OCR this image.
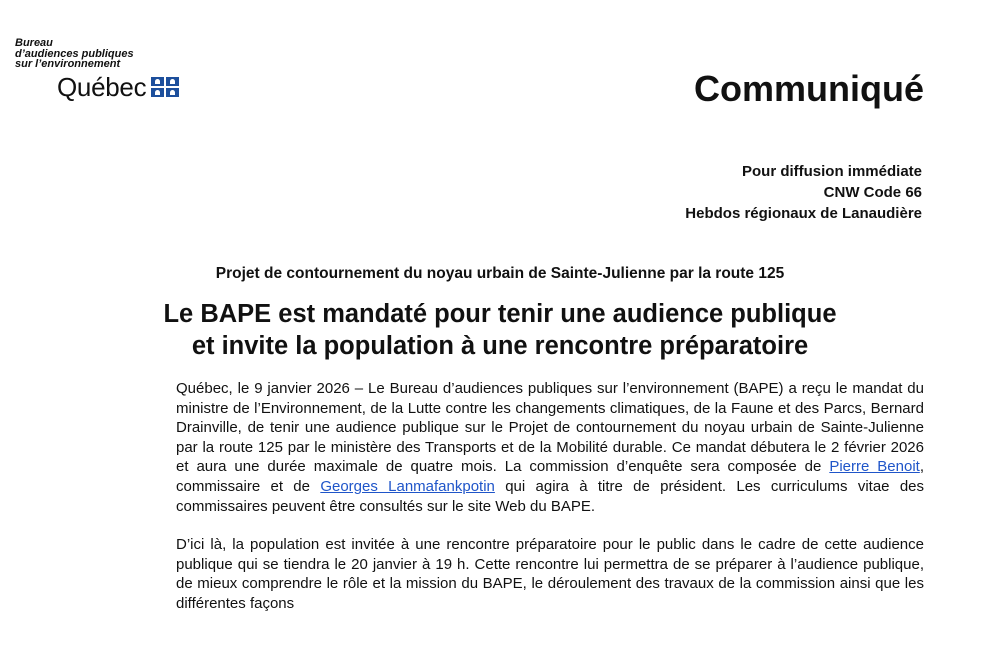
Bureau
d’audiences publiques
sur l’environnement
Québec	Communiqué
Pour diffusion immédiate
CNW Code 66
Hebdos régionaux de Lanaudière
Projet de contournement du noyau urbain de Sainte-Julienne par la route 125
Le BAPE est mandaté pour tenir une audience publique
et invite la population à une rencontre préparatoire

Québec, le 9 janvier 2026 – Le Bureau d’audiences publiques sur l’environnement (BAPE) a reçu le mandat du ministre de l’Environnement, de la Lutte contre les changements climatiques, de la Faune et des Parcs, Bernard Drainville, de tenir une audience publique sur le Projet de contournement du noyau urbain de Sainte-Julienne par la route 125 par le ministère des Transports et de la Mobilité durable. Ce mandat débutera le 2 février 2026 et aura une durée maximale de quatre mois. La commission d’enquête sera composée de Pierre Benoit, commissaire et de Georges Lanmafankpotin qui agira à titre de président. Les curriculums vitae des commissaires peuvent être consultés sur le site Web du BAPE.

D’ici là, la population est invitée à une rencontre préparatoire pour le public dans le cadre de cette audience publique qui se tiendra le 20 janvier à 19 h. Cette rencontre lui permettra de se préparer à l’audience publique, de mieux comprendre le rôle et la mission du BAPE, le déroulement des travaux de la commission ainsi que les différentes façons
